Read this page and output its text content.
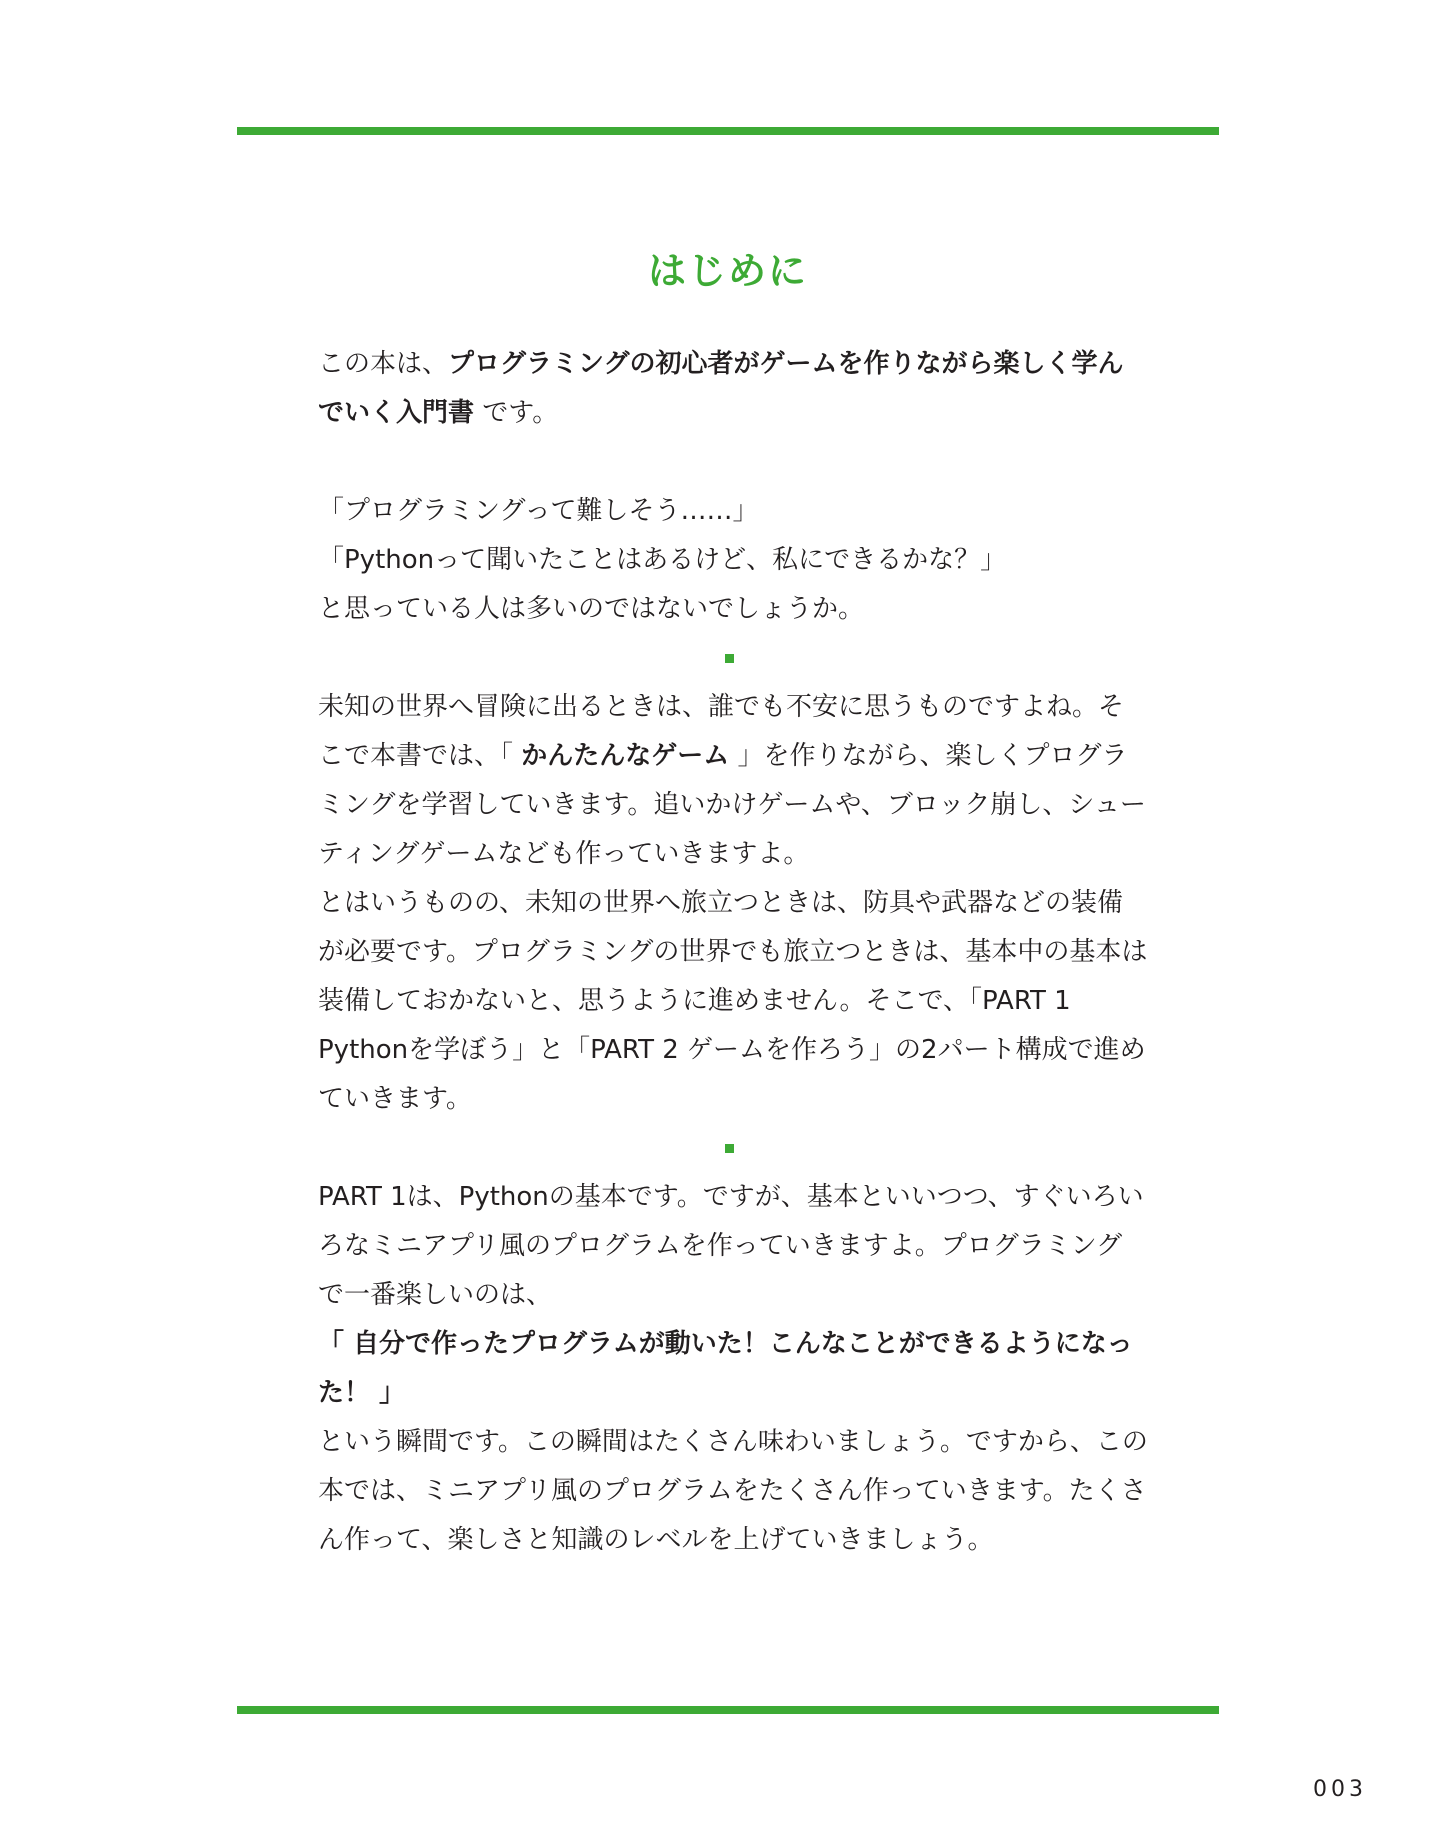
はじめに

この本は、プログラミングの初心者がゲームを作りながら楽しく学んでいく入門書 です。

「プログラミングって難しそう……」

「Pythonって聞いたことはあるけど、私にできるかな？」

と思っている人は多いのではないでしょうか。

未知の世界へ冒険に出るときは、誰でも不安に思うものですよね。そこで本書では、「 かんたんなゲーム 」を作りながら、楽しくプログラミングを学習していきます。追いかけゲームや、ブロック崩し、シューティングゲームなども作っていきますよ。

とはいうものの、未知の世界へ旅立つときは、防具や武器などの装備が必要です。プログラミングの世界でも旅立つときは、基本中の基本は装備しておかないと、思うように進めません。そこで、「PART 1 Pythonを学ぼう」と「PART 2 ゲームを作ろう」の2パート構成で進めていきます。

PART 1は、Pythonの基本です。ですが、基本といいつつ、すぐいろいろなミニアプリ風のプログラムを作っていきますよ。プログラミングで一番楽しいのは、

「 自分で作ったプログラムが動いた！こんなことができるようになった！ 」

という瞬間です。この瞬間はたくさん味わいましょう。ですから、この本では、ミニアプリ風のプログラムをたくさん作っていきます。たくさん作って、楽しさと知識のレベルを上げていきましょう。

003
